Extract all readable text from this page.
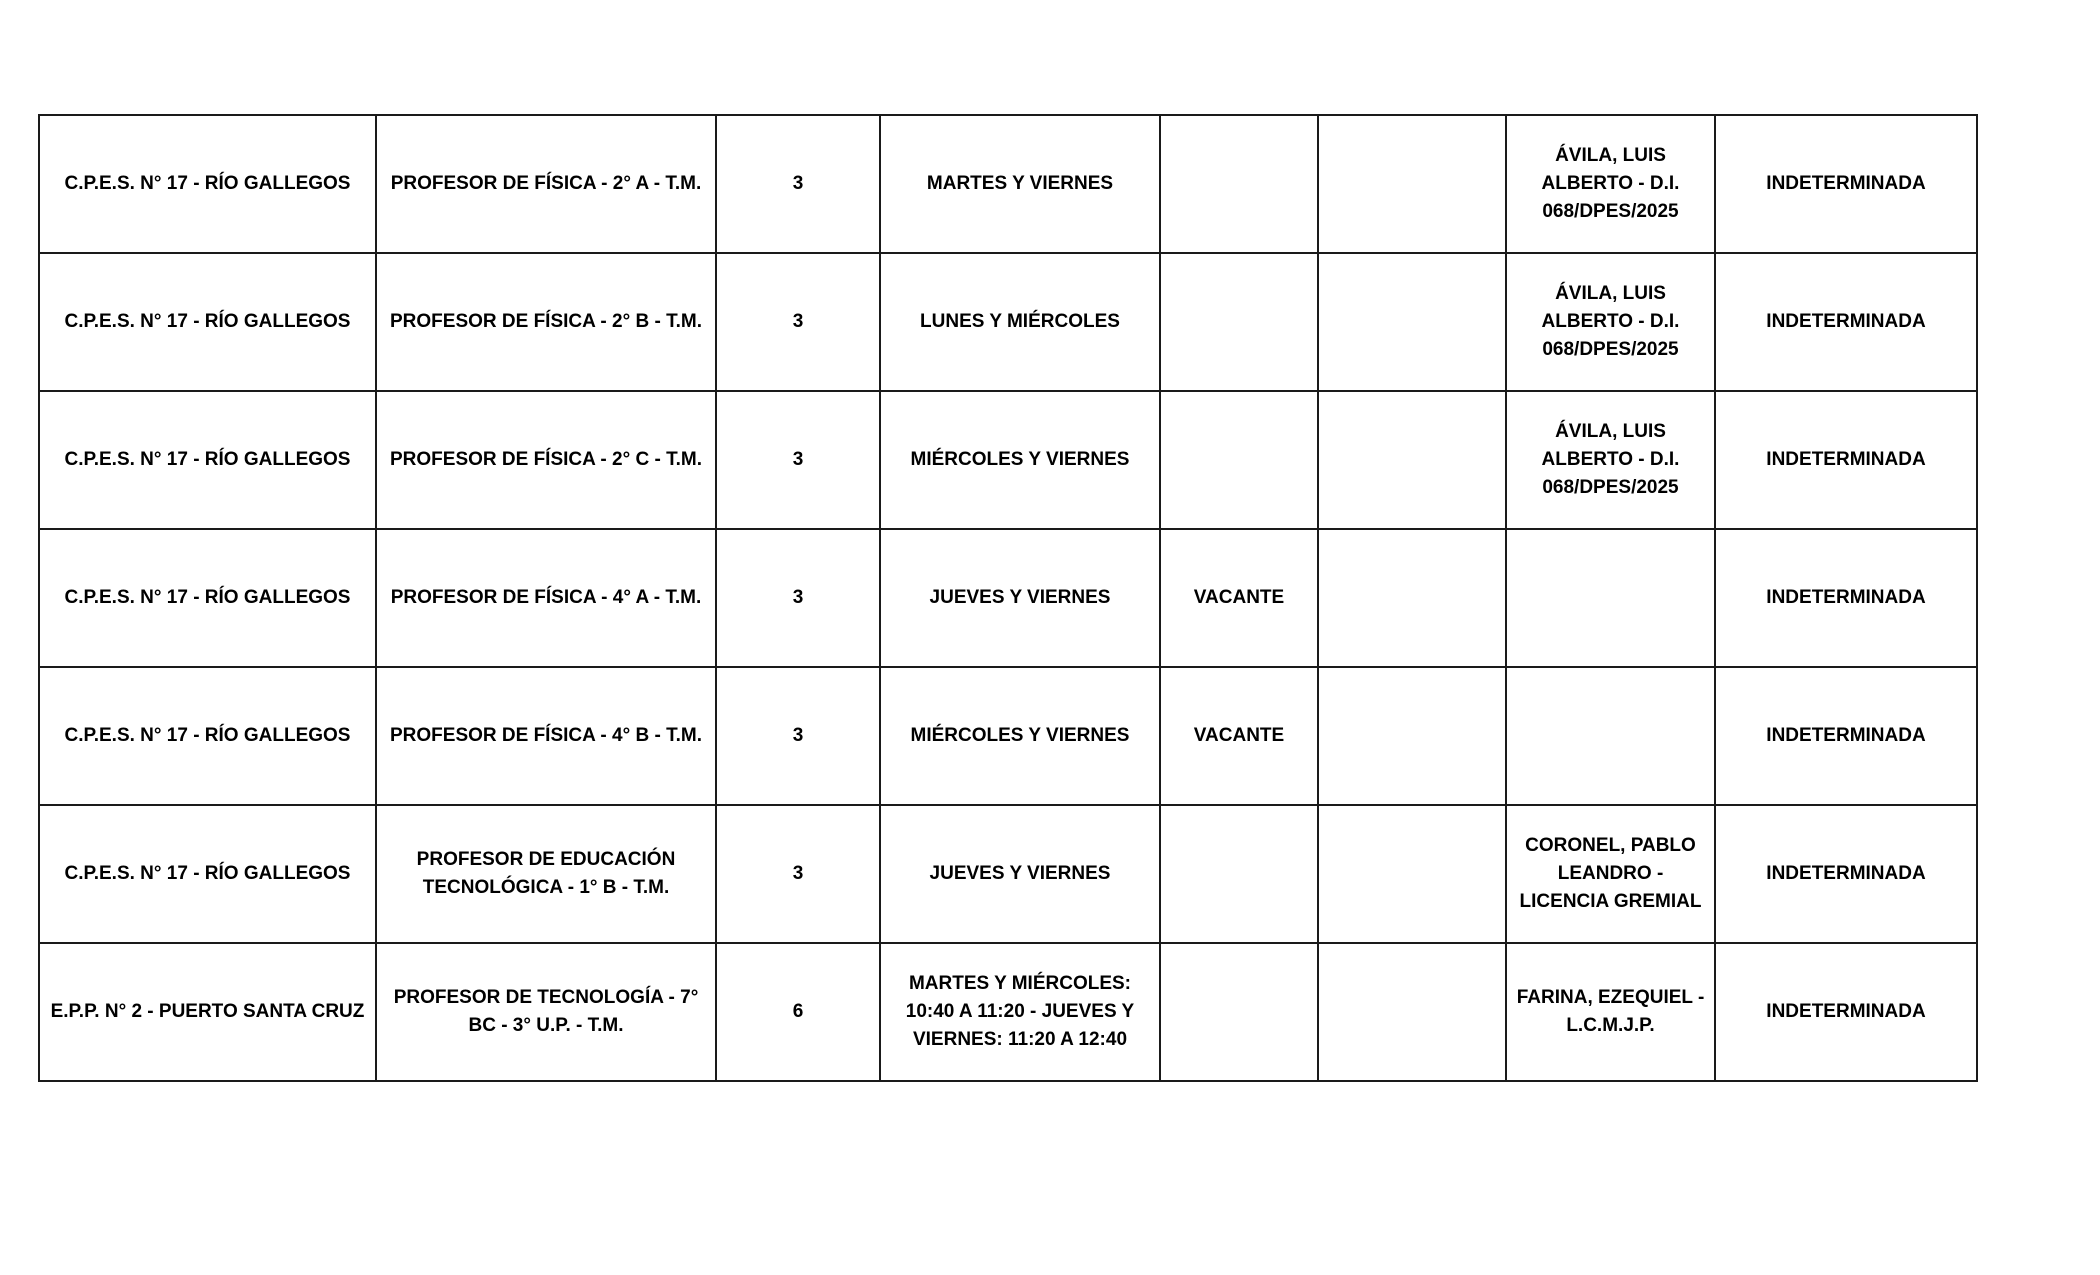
C.P.E.S. N° 17 - RÍO GALLEGOS	PROFESOR DE FÍSICA - 2° A - T.M.	3	MARTES Y VIERNES			ÁVILA, LUIS ALBERTO - D.I. 068/DPES/2025	INDETERMINADA
C.P.E.S. N° 17 - RÍO GALLEGOS	PROFESOR DE FÍSICA - 2° B - T.M.	3	LUNES Y MIÉRCOLES			ÁVILA, LUIS ALBERTO - D.I. 068/DPES/2025	INDETERMINADA
C.P.E.S. N° 17 - RÍO GALLEGOS	PROFESOR DE FÍSICA - 2° C - T.M.	3	MIÉRCOLES Y VIERNES			ÁVILA, LUIS ALBERTO - D.I. 068/DPES/2025	INDETERMINADA
C.P.E.S. N° 17 - RÍO GALLEGOS	PROFESOR DE FÍSICA - 4° A - T.M.	3	JUEVES Y VIERNES	VACANTE			INDETERMINADA
C.P.E.S. N° 17 - RÍO GALLEGOS	PROFESOR DE FÍSICA - 4° B - T.M.	3	MIÉRCOLES Y VIERNES	VACANTE			INDETERMINADA
C.P.E.S. N° 17 - RÍO GALLEGOS	PROFESOR DE EDUCACIÓN TECNOLÓGICA - 1° B - T.M.	3	JUEVES Y VIERNES			CORONEL, PABLO LEANDRO - LICENCIA GREMIAL	INDETERMINADA
E.P.P. N° 2 - PUERTO SANTA CRUZ	PROFESOR DE TECNOLOGÍA - 7° BC - 3° U.P. - T.M.	6	MARTES Y MIÉRCOLES: 10:40 A 11:20 - JUEVES Y VIERNES: 11:20 A 12:40			FARINA, EZEQUIEL - L.C.M.J.P.	INDETERMINADA
